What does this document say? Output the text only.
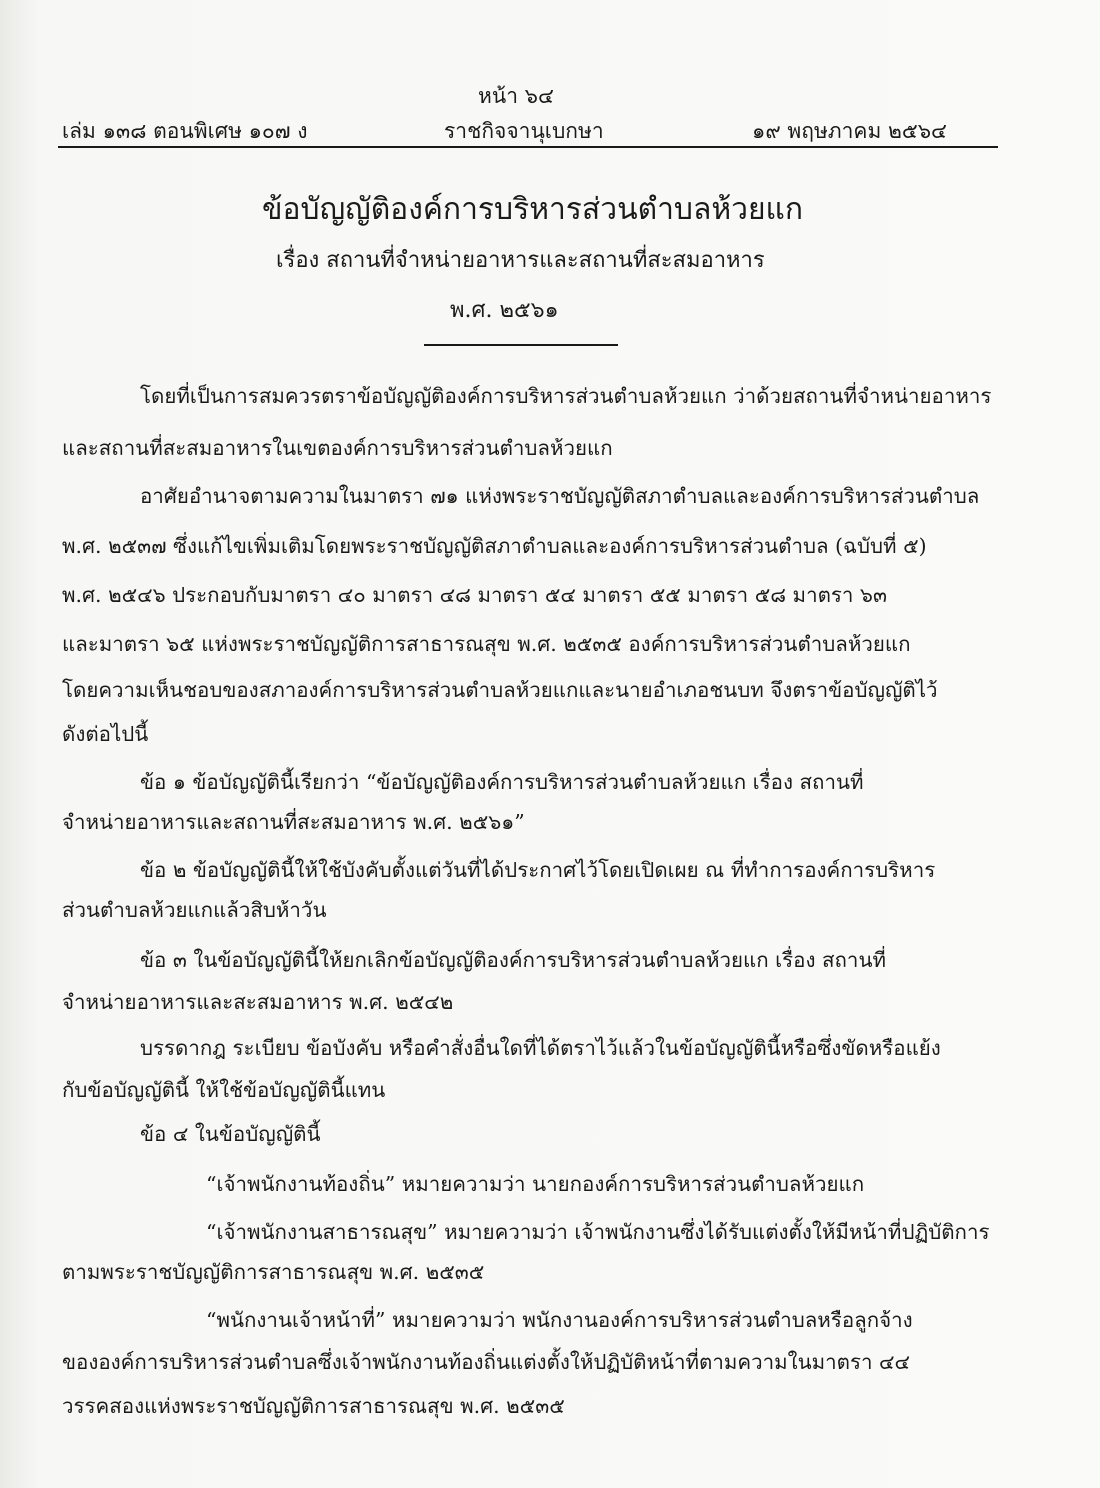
หน้า ๖๔
เล่ม ๑๓๘ ตอนพิเศษ ๑๐๗ ง	ราชกิจจานุเบกษา	๑๙ พฤษภาคม ๒๕๖๔
ข้อบัญญัติองค์การบริหารส่วนตำบลห้วยแก
เรื่อง สถานที่จำหน่ายอาหารและสถานที่สะสมอาหาร
พ.ศ. ๒๕๖๑
โดยที่เป็นการสมควรตราข้อบัญญัติองค์การบริหารส่วนตำบลห้วยแก ว่าด้วยสถานที่จำหน่ายอาหาร
และสถานที่สะสมอาหารในเขตองค์การบริหารส่วนตำบลห้วยแก
อาศัยอำนาจตามความในมาตรา ๗๑ แห่งพระราชบัญญัติสภาตำบลและองค์การบริหารส่วนตำบล
พ.ศ. ๒๕๓๗ ซึ่งแก้ไขเพิ่มเติมโดยพระราชบัญญัติสภาตำบลและองค์การบริหารส่วนตำบล (ฉบับที่ ๕)
พ.ศ. ๒๕๔๖ ประกอบกับมาตรา ๔๐ มาตรา ๔๘ มาตรา ๕๔ มาตรา ๕๕ มาตรา ๕๘ มาตรา ๖๓
และมาตรา ๖๕ แห่งพระราชบัญญัติการสาธารณสุข พ.ศ. ๒๕๓๕ องค์การบริหารส่วนตำบลห้วยแก
โดยความเห็นชอบของสภาองค์การบริหารส่วนตำบลห้วยแกและนายอำเภอชนบท จึงตราข้อบัญญัติไว้
ดังต่อไปนี้
ข้อ ๑ ข้อบัญญัตินี้เรียกว่า “ข้อบัญญัติองค์การบริหารส่วนตำบลห้วยแก เรื่อง สถานที่
จำหน่ายอาหารและสถานที่สะสมอาหาร พ.ศ. ๒๕๖๑”
ข้อ ๒ ข้อบัญญัตินี้ให้ใช้บังคับตั้งแต่วันที่ได้ประกาศไว้โดยเปิดเผย ณ ที่ทำการองค์การบริหาร
ส่วนตำบลห้วยแกแล้วสิบห้าวัน
ข้อ ๓ ในข้อบัญญัตินี้ให้ยกเลิกข้อบัญญัติองค์การบริหารส่วนตำบลห้วยแก เรื่อง สถานที่
จำหน่ายอาหารและสะสมอาหาร พ.ศ. ๒๕๔๒
บรรดากฎ ระเบียบ ข้อบังคับ หรือคำสั่งอื่นใดที่ได้ตราไว้แล้วในข้อบัญญัตินี้หรือซึ่งขัดหรือแย้ง
กับข้อบัญญัตินี้ ให้ใช้ข้อบัญญัตินี้แทน
ข้อ ๔ ในข้อบัญญัตินี้
“เจ้าพนักงานท้องถิ่น” หมายความว่า นายกองค์การบริหารส่วนตำบลห้วยแก
“เจ้าพนักงานสาธารณสุข” หมายความว่า เจ้าพนักงานซึ่งได้รับแต่งตั้งให้มีหน้าที่ปฏิบัติการ
ตามพระราชบัญญัติการสาธารณสุข พ.ศ. ๒๕๓๕
“พนักงานเจ้าหน้าที่” หมายความว่า พนักงานองค์การบริหารส่วนตำบลหรือลูกจ้าง
ขององค์การบริหารส่วนตำบลซึ่งเจ้าพนักงานท้องถิ่นแต่งตั้งให้ปฏิบัติหน้าที่ตามความในมาตรา ๔๔
วรรคสองแห่งพระราชบัญญัติการสาธารณสุข พ.ศ. ๒๕๓๕
